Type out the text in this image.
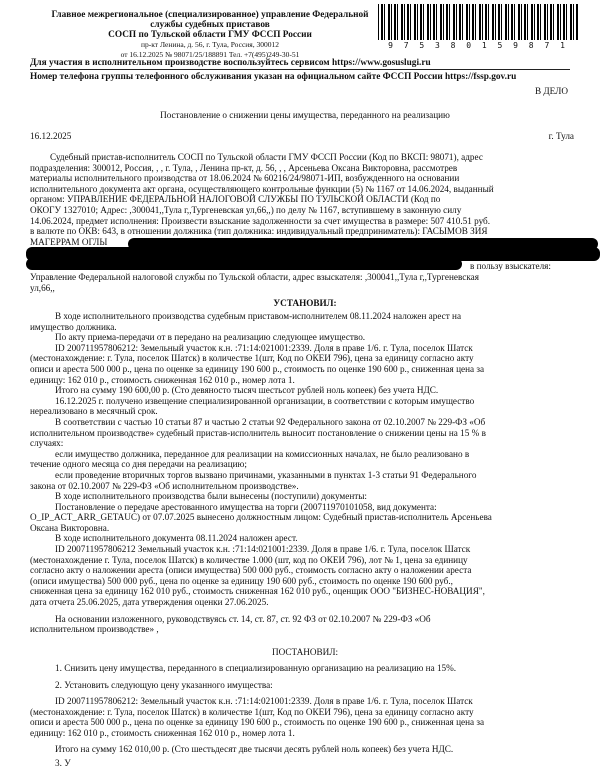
Главное межрегиональное (специализированное) управление Федеральной
службы судебных приставов
СОСП по Тульской области ГМУ ФССП России
пр-кт Ленина, д. 56, г. Тула, Россия, 300012
от 16.12.2025 № 98071/25/188891 Тел. +7(495)249-30-51
9 7 5 3 8 0 1 5 9 8 7 1
Для участия в исполнительном производстве воспользуйтесь сервисом https://www.gosuslugi.ru
Номер телефона группы телефонного обслуживания указан на официальном сайте ФССП России https://fssp.gov.ru
В ДЕЛО
Постановление о снижении цены имущества, переданного на реализацию
16.12.2025	г. Тула
Судебный пристав-исполнитель СОСП по Тульской области ГМУ ФССП России (Код по ВКСП: 98071), адрес
подразделения: 300012, Россия, , , г. Тула, , Ленина пр-кт, д. 56, , , Арсеньева Оксана Викторовна, рассмотрев
материалы исполнительного производства от 18.06.2024 № 60216/24/98071-ИП, возбужденного на основании
исполнительного документа акт органа, осуществляющего контрольные функции (5) № 1167 от 14.06.2024, выданный
органом: УПРАВЛЕНИЕ ФЕДЕРАЛЬНОЙ НАЛОГОВОЙ СЛУЖБЫ ПО ТУЛЬСКОЙ ОБЛАСТИ (Код по
ОКОГУ 1327010; Адрес: ,300041,,Тула г,,Тургеневская ул,66,,) по делу № 1167, вступившему в законную силу
14.06.2024, предмет исполнения: Произвести взыскание задолженности за счет имущества в размере: 507 410.51 руб.
в валюте по ОКВ: 643, в отношении должника (тип должника: индивидуальный предприниматель): ГАСЫМОВ ЗИЯ
МАГЕРРАМ ОГЛЫ
в пользу взыскателя:
Управление Федеральной налоговой службы по Тульской области, адрес взыскателя: ,300041,,Тула г,,Тургеневская
ул,66,,
УСТАНОВИЛ:
В ходе исполнительного производства судебным приставом-исполнителем 08.11.2024 наложен арест на
имущество должника.
По акту приема-передачи от в передано на реализацию следующее имущество.
ID 200711957806212: Земельный участок к.н. :71:14:021001:2339. Доля в праве 1/6. г. Тула, поселок Шатск
(местонахождение: г. Тула, поселок Шатск) в количестве 1(шт, Код по ОКЕИ 796), цена за единицу согласно акту
описи и ареста 500 000 р., цена по оценке за единицу 190 600 р., стоимость по оценке 190 600 р., сниженная цена за
единицу: 162 010 р., стоимость сниженная 162 010 р., номер лота 1.
Итого на сумму 190 600,00 р. (Сто девяносто тысяч шестьсот рублей ноль копеек) без учета НДС.
16.12.2025 г. получено извещение специализированной организации, в соответствии с которым имущество
нереализовано в месячный срок.
В соответствии с частью 10 статьи 87 и частью 2 статьи 92 Федерального закона от 02.10.2007 № 229-ФЗ «Об
исполнительном производстве» судебный пристав-исполнитель выносит постановление о снижении цены на 15 % в
случаях:
если имущество должника, переданное для реализации на комиссионных началах, не было реализовано в
течение одного месяца со дня передачи на реализацию;
если проведение вторичных торгов вызвано причинами, указанными в пунктах 1-3 статьи 91 Федерального
закона от 02.10.2007 № 229-ФЗ «Об исполнительном производстве».
В ходе исполнительного производства были вынесены (поступили) документы:
Постановление о передаче арестованного имущества на торги (200711970101058, вид документа:
O_IP_ACT_ARR_GETAUC) от 07.07.2025 вынесено должностным лицом: Судебный пристав-исполнитель Арсеньева
Оксана Викторовна.
В ходе исполнительного документа 08.11.2024 наложен арест.
ID 200711957806212 Земельный участок к.н. :71:14:021001:2339. Доля в праве 1/6. г. Тула, поселок Шатск
(местонахождение г. Тула, поселок Шатск) в количестве 1.000 (шт, код по ОКЕИ 796), лот № 1, цена за единицу
согласно акту о наложении ареста (описи имущества) 500 000 руб., стоимость согласно акту о наложении ареста
(описи имущества) 500 000 руб., цена по оценке за единицу 190 600 руб., стоимость по оценке 190 600 руб.,
сниженная цена за единицу 162 010 руб., стоимость сниженная 162 010 руб., оценщик ООО "БИЗНЕС-НОВАЦИЯ",
дата отчета 25.06.2025, дата утверждения оценки 27.06.2025.
На основании изложенного, руководствуясь ст. 14, ст. 87, ст. 92 ФЗ от 02.10.2007 № 229-ФЗ «Об
исполнительном производстве» ,
ПОСТАНОВИЛ:
1. Снизить цену имущества, переданного в специализированную организацию на реализацию на 15%.
2. Установить следующую цену указанного имущества:
ID 200711957806212: Земельный участок к.н. :71:14:021001:2339. Доля в праве 1/6. г. Тула, поселок Шатск
(местонахождение: г. Тула, поселок Шатск) в количестве 1(шт, Код по ОКЕИ 796), цена за единицу согласно акту
описи и ареста 500 000 р., цена по оценке за единицу 190 600 р., стоимость по оценке 190 600 р., сниженная цена за
единицу: 162 010 р., стоимость сниженная 162 010 р., номер лота 1.
Итого на сумму 162 010,00 р. (Сто шестьдесят две тысячи десять рублей ноль копеек) без учета НДС.
3. У
